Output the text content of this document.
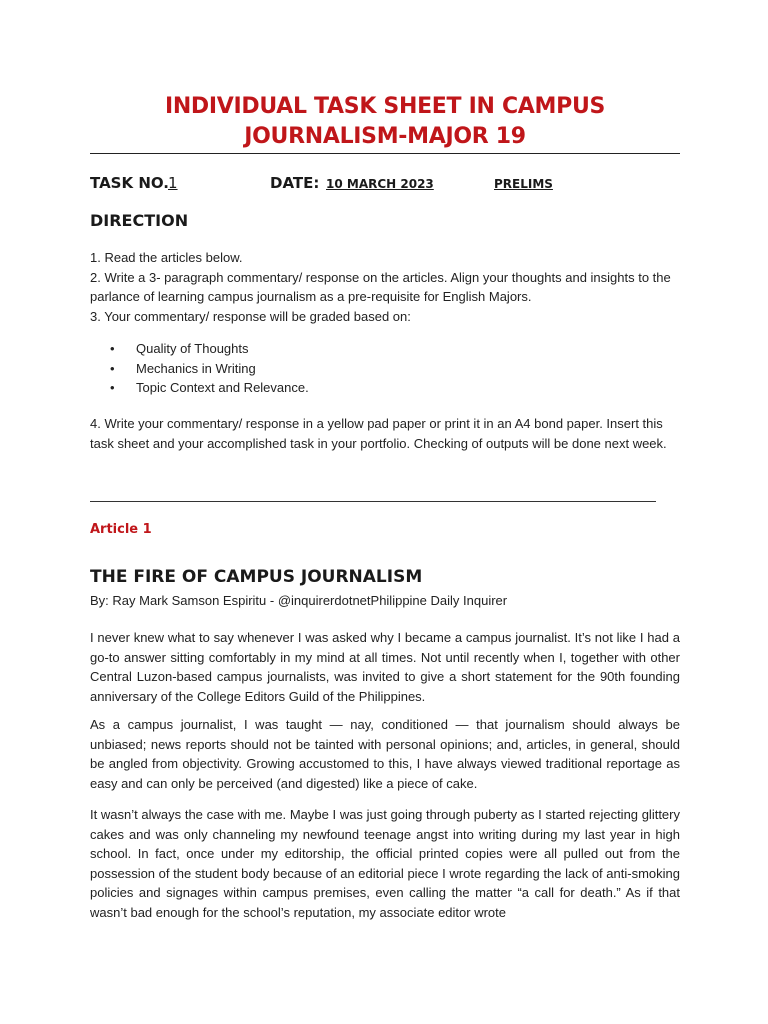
INDIVIDUAL TASK SHEET IN CAMPUS JOURNALISM-MAJOR 19
TASK NO. 1	DATE: 10 MARCH 2023	PRELIMS
DIRECTION

1. Read the articles below.

2. Write a 3- paragraph commentary/ response on the articles. Align your thoughts and insights to the parlance of learning campus journalism as a pre-requisite for English Majors.

3. Your commentary/ response will be graded based on:

• Quality of Thoughts
• Mechanics in Writing
• Topic Context and Relevance.
4. Write your commentary/ response in a yellow pad paper or print it in an A4 bond paper. Insert this task sheet and your accomplished task in your portfolio. Checking of outputs will be done next week.
Article 1
THE FIRE OF CAMPUS JOURNALISM
By: Ray Mark Samson Espiritu - @inquirerdotnetPhilippine Daily Inquirer
I never knew what to say whenever I was asked why I became a campus journalist. It’s not like I had a go-to answer sitting comfortably in my mind at all times. Not until recently when I, together with other Central Luzon-based campus journalists, was invited to give a short statement for the 90th founding anniversary of the College Editors Guild of the Philippines.
As a campus journalist, I was taught — nay, conditioned — that journalism should always be unbiased; news reports should not be tainted with personal opinions; and, articles, in general, should be angled from objectivity. Growing accustomed to this, I have always viewed traditional reportage as easy and can only be perceived (and digested) like a piece of cake.
It wasn’t always the case with me. Maybe I was just going through puberty as I started rejecting glittery cakes and was only channeling my newfound teenage angst into writing during my last year in high school. In fact, once under my editorship, the official printed copies were all pulled out from the possession of the student body because of an editorial piece I wrote regarding the lack of anti-smoking policies and signages within campus premises, even calling the matter “a call for death.” As if that wasn’t bad enough for the school’s reputation, my associate editor wrote
